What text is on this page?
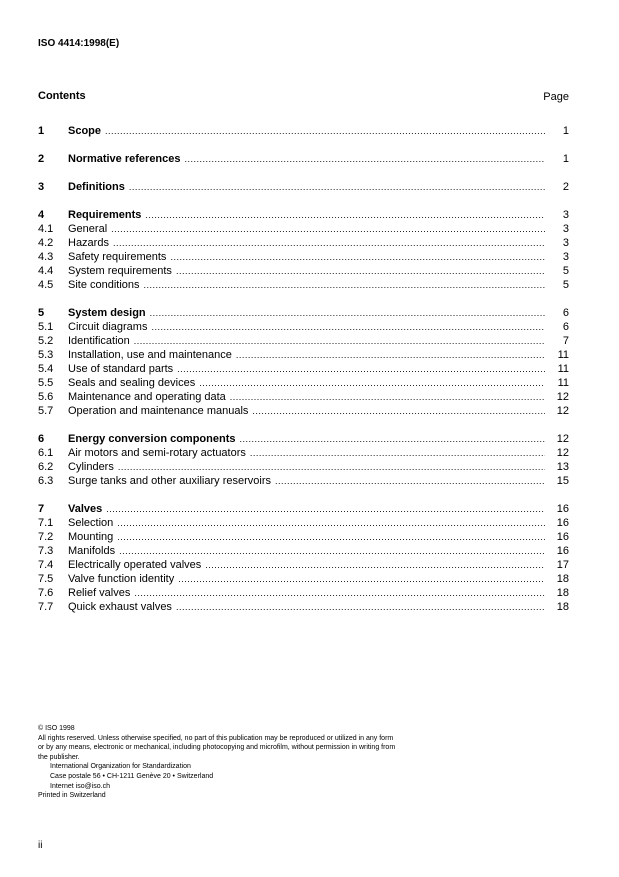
ISO 4414:1998(E)
Contents	Page
1	Scope .....	1
2	Normative references .....	1
3	Definitions .....	2
4	Requirements .....	3
4.1	General .....	3
4.2	Hazards .....	3
4.3	Safety requirements .....	3
4.4	System requirements .....	5
4.5	Site conditions .....	5
5	System design .....	6
5.1	Circuit diagrams .....	6
5.2	Identification .....	7
5.3	Installation, use and maintenance .....	11
5.4	Use of standard parts .....	11
5.5	Seals and sealing devices .....	11
5.6	Maintenance and operating data .....	12
5.7	Operation and maintenance manuals .....	12
6	Energy conversion components .....	12
6.1	Air motors and semi-rotary actuators .....	12
6.2	Cylinders .....	13
6.3	Surge tanks and other auxiliary reservoirs .....	15
7	Valves .....	16
7.1	Selection .....	16
7.2	Mounting .....	16
7.3	Manifolds .....	16
7.4	Electrically operated valves .....	17
7.5	Valve function identity .....	18
7.6	Relief valves .....	18
7.7	Quick exhaust valves .....	18

© ISO 1998

All rights reserved. Unless otherwise specified, no part of this publication may be reproduced or utilized in any form or by any means, electronic or mechanical, including photocopying and microfilm, without permission in writing from the publisher.

International Organization for Standardization

Case postale 56 • CH-1211 Genève 20 • Switzerland

Internet iso@iso.ch

Printed in Switzerland

ii
